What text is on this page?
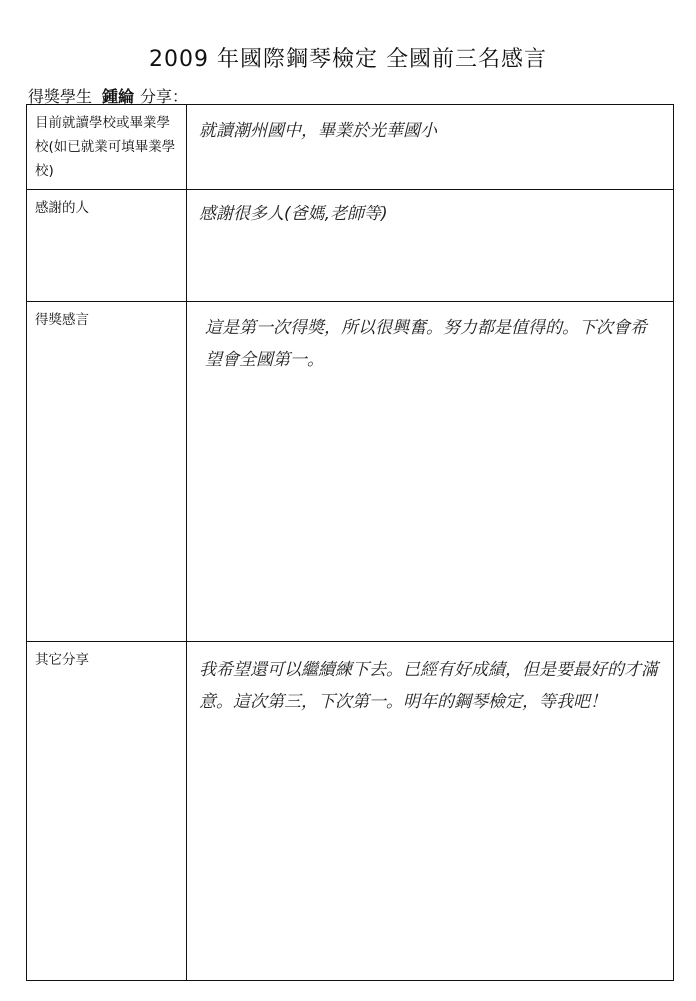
2009 年國際鋼琴檢定 全國前三名感言
得獎學生 鍾綸 分享：
目前就讀學校或畢業學校(如已就業可填畢業學校)	就讀潮州國中，畢業於光華國小

感謝的人	感謝很多人(爸媽,老師等)

得獎感言	這是第一次得獎，所以很興奮。努力都是值得的。下次會希望會全國第一。

其它分享	我希望還可以繼續練下去。已經有好成績，但是要最好的才滿意。這次第三，下次第一。明年的鋼琴檢定，等我吧！
